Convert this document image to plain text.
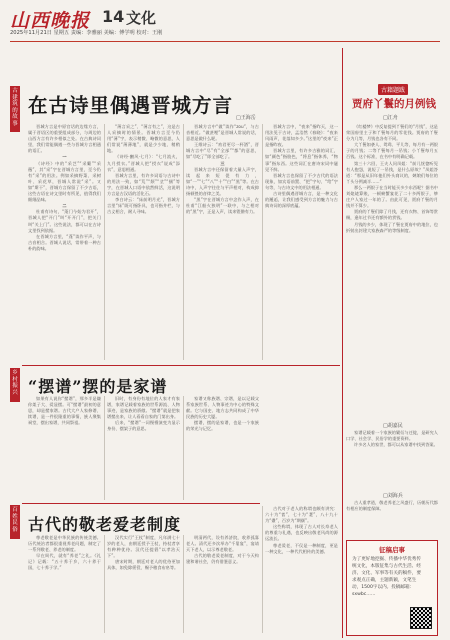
山西晚报 14 文化
2025年11月21日 星期五 责编：李雅丽 美编：傅学明 校对：王刚
古建筑的故事
乡村振兴
百姓民俗
在古诗里偶遇晋城方言
□王海岳

晋城方言是中原官话的边缘方言，属于晋语区的重要组成部分，与周边的山西方言有许多相似之处。在古典诗词里，我们常能偶遇一些与晋城方言相通的语汇。

一

《诗经》中的“采芑”“采蘩”“采薇”，其“采”字在晋城方言里，至今仍有“采”的用法。例如采摘野菜、采树叶、采花草，晋城人常说“采”。又如“斯干”，晋城方言保留了不少古语，这些古语在诗文里时有所见，值得我们细细品味。

二

杜甫有诗句，“蓬门今始为君开”，晋城人把“开门”叫“开开门”，把关门叫“关上门”。这些说法，都可以在古诗文里找到依据。

在晋城方言里，“蓬”读作平声，与古音相合。晋城人说话，常带着一种古朴的韵味。

“薄言采之”、“薄言有之”，这是古人采摘时的情景。晋城方言至今仍用“薄”字，表示稍微、略微的意思，人们常说“薄薄地”，就是少少地、稍稍地。

《诗经·豳风·七月》：“七月流火，九月授衣。”晋城人把“授衣”说成“添衣”，意思相通。

晋城方言里，有许多词语与古诗中的用法一致，如“荒”“颓”“坌”“搦”等字，在晋城人口语中依然鲜活，这说明方言是古汉语的活化石。

李白诗云：“床前明月光”，晋城方言里“床”既可指卧具，也可指井栏，与古义相合，耐人寻味。

晋城方言中“做”读作“zou”，与古音相近。“做甚哩”是晋城人常说的话，意思是做什么呢。

王维诗云：“劝君更尽一杯酒”，晋城方言中“尽”有“全部”“都”的意思，如“尽吃了”即全部吃了。

三

晋城方言中还保留着大量入声字，读起来短促有力，如“一”“七”“八”“十”“白”“黑”等。在古诗中，入声字往往与平声相对，构成抑扬顿挫的音律之美。

“黑”字在晋城方言中念作入声，在杜甫“江船火独明”一联中，与之相对的“黑”字，正是入声，读来铿锵有力。

晋城方言中，“夜来”指昨天，这一用法见于古诗，孟浩然《春晓》：“夜来风雨声，花落知多少。”这里的“夜来”正是指昨夜。

晋城方言里，有许多古雅的词汇，如“颜色”指脸色，“将息”指休养，“物事”指东西。这些词汇在唐诗宋词中屡见不鲜。

晋城方言也保留了不少古代的语法现象，如宾语前置、“把”字句、“给”字句等，与古诗文中的用法相通。

古诗里偶遇晋城方言，是一种文化的邂逅，让我们感受到方言的魅力与古典诗词的深厚底蕴。

“摆谱”摆的是家谱

如果有人说你“摆谱”，那多半是嫌你架子大、爱显摆。可“摆谱”最初的意思，却是摆家谱。古代大户人家修谱、续谱，是一件很隆重的事情，族人聚集祠堂，摆出家谱，共同祭祖。

旧时，有身份有地位的人家才有家谱，家谱记载着家族的世系源流、人物事迹，是家族的骄傲。“摆谱”就是把家谱摆出来，让人看看自家的门第出身。

后来，“摆谱”一词慢慢演变为显示身份、摆架子的意思。

家谱又称族谱、宗谱，是以记载父系家族世系、人物事迹为中心的特殊文献。它与国史、地方志共同构成了中华民族的历史大厦。

摆谱，摆的是家谱，也是一个家族的荣光与记忆。

古代的敬老爱老制度

尊老敬老是中华民族的传统美德。历代统治者都很重视养老问题，制定了一系列敬老、养老的制度。

早在周代，就有“养老”之礼。《礼记》记载：“五十养于乡，六十养于国，七十养于学。”

汉代实行“王杖”制度，凡年满七十岁的老人，由朝廷授予王杖，持杖者享有种种优待。汉代还提倡“以孝治天下”。

唐宋时期，朝廷对老人的优待更加具体，如免除徭役、赐予粮食布帛等。

明清两代，设有养济院，收养孤寡老人。清代还多次举办“千叟宴”，宴请天下老人，以示尊老敬老。

古代的敬老爱老制度，对于今天构建和谐社会，仍有借鉴意义。

古代对于老人的称谓也颇有讲究：六十为“耆”，七十为“耄”，八十九十为“耋”，百岁为“期颐”。

这些称谓，体现了古人对长寿老人的尊重与礼遇，也反映出敬老风尚的源远流长。

尊老爱老，不仅是一种制度，更是一种文化，一种代代相传的美德。

古籍题跋
贾府丫鬟的月例钱
□江舟

《红楼梦》中反复提到丫鬟们的“月钱”，这是荣国府里主子和丫鬟每月的零花钱。贾府的丫鬟分为几等，月钱也各有不同。

大丫鬟如袭人、鸳鸯、平儿等，每月有一两银子的月钱；二等丫鬟每月一吊钱；小丫鬟每月五百钱。这个标准，在书中有明确记载。

第三十六回，王夫人问凤姐：“前儿恍惚听见有人抱怨，说短了一吊钱，是什么原故？”凤姐答道：“那是从旧年他们外头商议的，姨娘们每位的丫头分例减半……”

那么一两银子在当时能买多少东西呢？据书中刘姥姥算账，一顿螃蟹宴花了二十多两银子，够庄户人家过一年的了。由此可见，贾府丫鬟的月钱并不算少。

贾府的丫鬟们除了月钱，还有衣物、首饰等赏赐，逢年过节还有额外的赏钱。

月钱的多少，体现了丫鬟在贾府中的地位，也折射出封建大家族森严的等级制度。

□胡嘉民

家谱记载着一个家族的繁衍与迁徙，是研究人口学、社会学、民俗学的重要资料。

许多名人的家世，都可以从家谱中找到答案。

□刘海兵

古人重孝道，敬老养老之风盛行，历朝历代都有相应的制度保障。

征稿启事
为了更好地挖掘、传播中华优秀传统文化，本版征集与古代生活、经济、文化、军事等有关的稿件，要求观点正确，主题新颖，文笔生动，1500字以内。投稿邮箱：sxwbc……
